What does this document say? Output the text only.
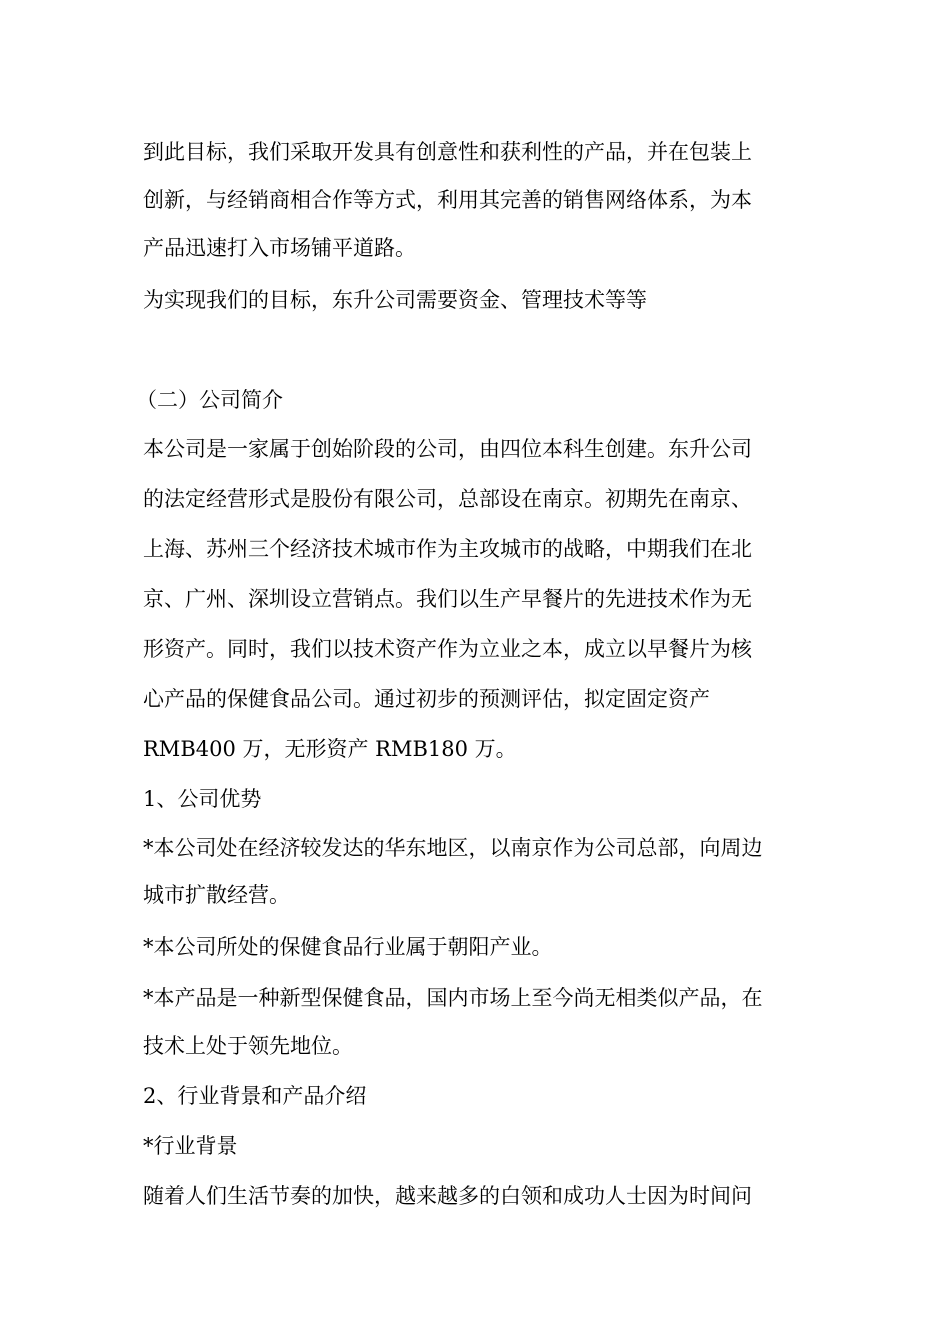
到此目标，我们采取开发具有创意性和获利性的产品，并在包装上
创新，与经销商相合作等方式，利用其完善的销售网络体系，为本
产品迅速打入市场铺平道路。
为实现我们的目标，东升公司需要资金、管理技术等等
（二）公司简介
本公司是一家属于创始阶段的公司，由四位本科生创建。东升公司
的法定经营形式是股份有限公司，总部设在南京。初期先在南京、
上海、苏州三个经济技术城市作为主攻城市的战略，中期我们在北
京、广州、深圳设立营销点。我们以生产早餐片的先进技术作为无
形资产。同时，我们以技术资产作为立业之本，成立以早餐片为核
心产品的保健食品公司。通过初步的预测评估，拟定固定资产
RMB400 万，无形资产 RMB180 万。
1、公司优势
*本公司处在经济较发达的华东地区，以南京作为公司总部，向周边
城市扩散经营。
*本公司所处的保健食品行业属于朝阳产业。
*本产品是一种新型保健食品，国内市场上至今尚无相类似产品，在
技术上处于领先地位。
2、行业背景和产品介绍
*行业背景
随着人们生活节奏的加快，越来越多的白领和成功人士因为时间问
